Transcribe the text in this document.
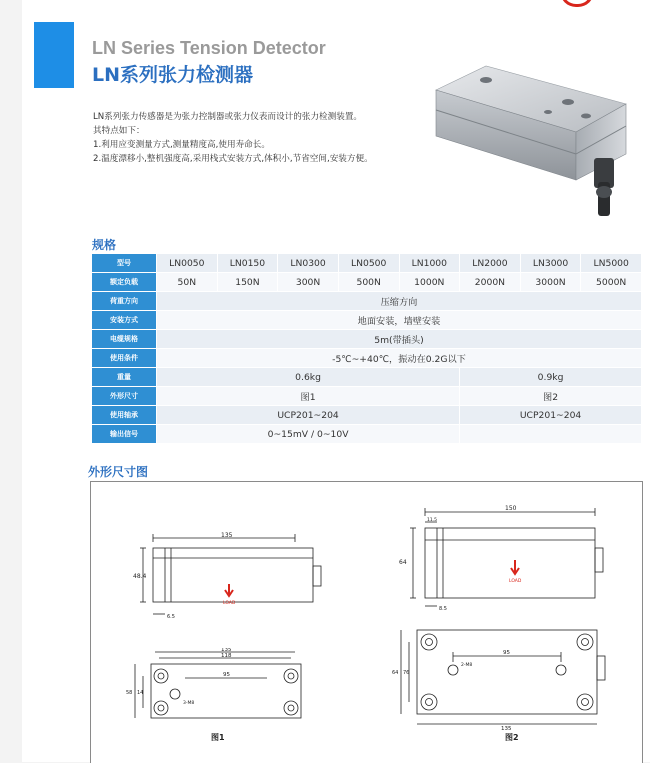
LN Series Tension Detector
LN系列张力检测器

LN系列张力传感器是为张力控制器或张力仪表而设计的张力检测装置。

其特点如下：

1.利用应变测量方式,测量精度高,使用寿命长。

2.温度漂移小,整机强度高,采用栈式安装方式,体积小,节省空间,安装方便。

规格
型号	LN0050	LN0150	LN0300	LN0500	LN1000	LN2000	LN3000	LN5000
额定负载	50N	150N	300N	500N	1000N	2000N	3000N	5000N
荷重方向	压缩方向							
安装方式	地面安装，墙壁安装							
电缆规格	5m(带插头)							
使用条件	-5℃~+40℃，振动在0.2G以下							
重量	0.6kg					0.9kg		
外形尺寸	图1					图2		
使用轴承	UCP201~204					UCP201~204		
输出信号	0~15mV / 0~10V							
外形尺寸图
135
48.4
6.5
LOAD
135
118
95
58 14
3-M8
图1
150
11.5
64
8.5
LOAD
95
64 76
2-M8
135
图2
